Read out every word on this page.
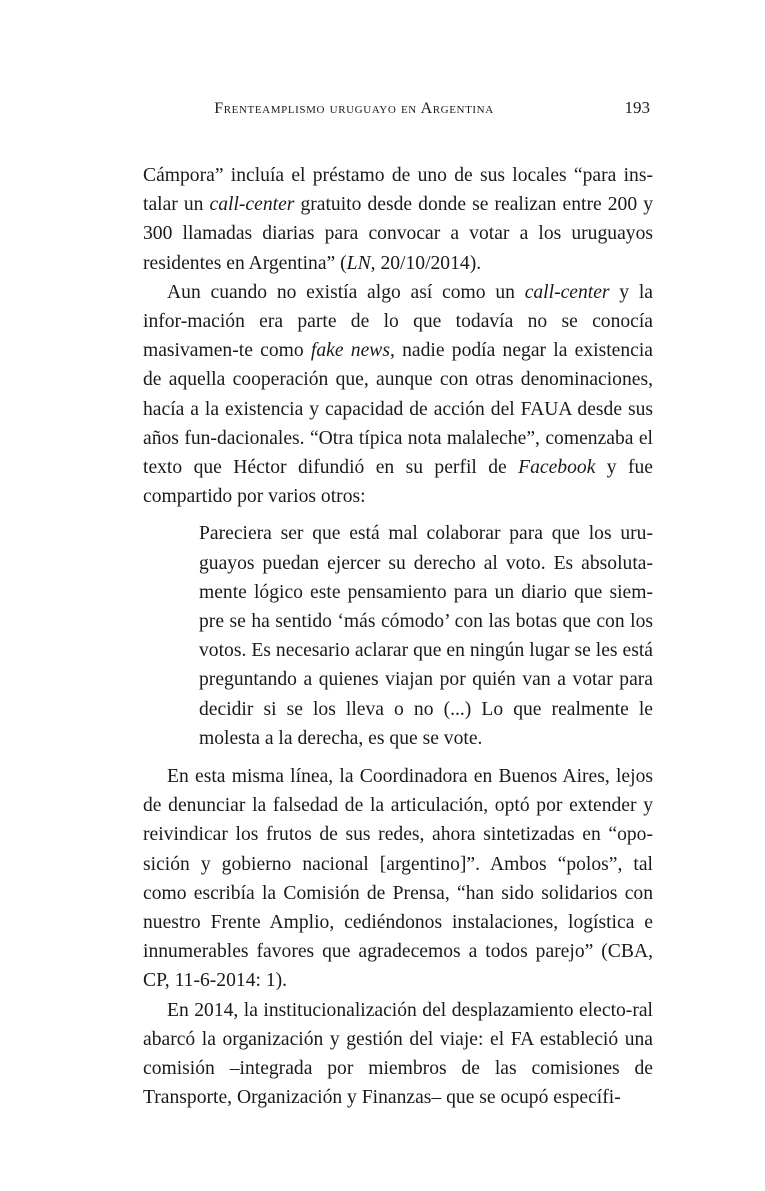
Frenteamplismo uruguayo en Argentina	193

Cámpora” incluía el préstamo de uno de sus locales “para ins-talar un call-center gratuito desde donde se realizan entre 200 y 300 llamadas diarias para convocar a votar a los uruguayos residentes en Argentina” (LN, 20/10/2014).

Aun cuando no existía algo así como un call-center y la infor-mación era parte de lo que todavía no se conocía masivamen-te como fake news, nadie podía negar la existencia de aquella cooperación que, aunque con otras denominaciones, hacía a la existencia y capacidad de acción del FAUA desde sus años fun-dacionales. “Otra típica nota malaleche”, comenzaba el texto que Héctor difundió en su perfil de Facebook y fue compartido por varios otros:

Pareciera ser que está mal colaborar para que los uru-guayos puedan ejercer su derecho al voto. Es absoluta-mente lógico este pensamiento para un diario que siem-pre se ha sentido ‘más cómodo’ con las botas que con los votos. Es necesario aclarar que en ningún lugar se les está preguntando a quienes viajan por quién van a votar para decidir si se los lleva o no (...) Lo que realmente le molesta a la derecha, es que se vote.

En esta misma línea, la Coordinadora en Buenos Aires, lejos de denunciar la falsedad de la articulación, optó por extender y reivindicar los frutos de sus redes, ahora sintetizadas en “opo-sición y gobierno nacional [argentino]”. Ambos “polos”, tal como escribía la Comisión de Prensa, “han sido solidarios con nuestro Frente Amplio, cediéndonos instalaciones, logística e innumerables favores que agradecemos a todos parejo” (CBA, CP, 11-6-2014: 1).

En 2014, la institucionalización del desplazamiento electo-ral abarcó la organización y gestión del viaje: el FA estableció una comisión –integrada por miembros de las comisiones de Transporte, Organización y Finanzas– que se ocupó específi-
